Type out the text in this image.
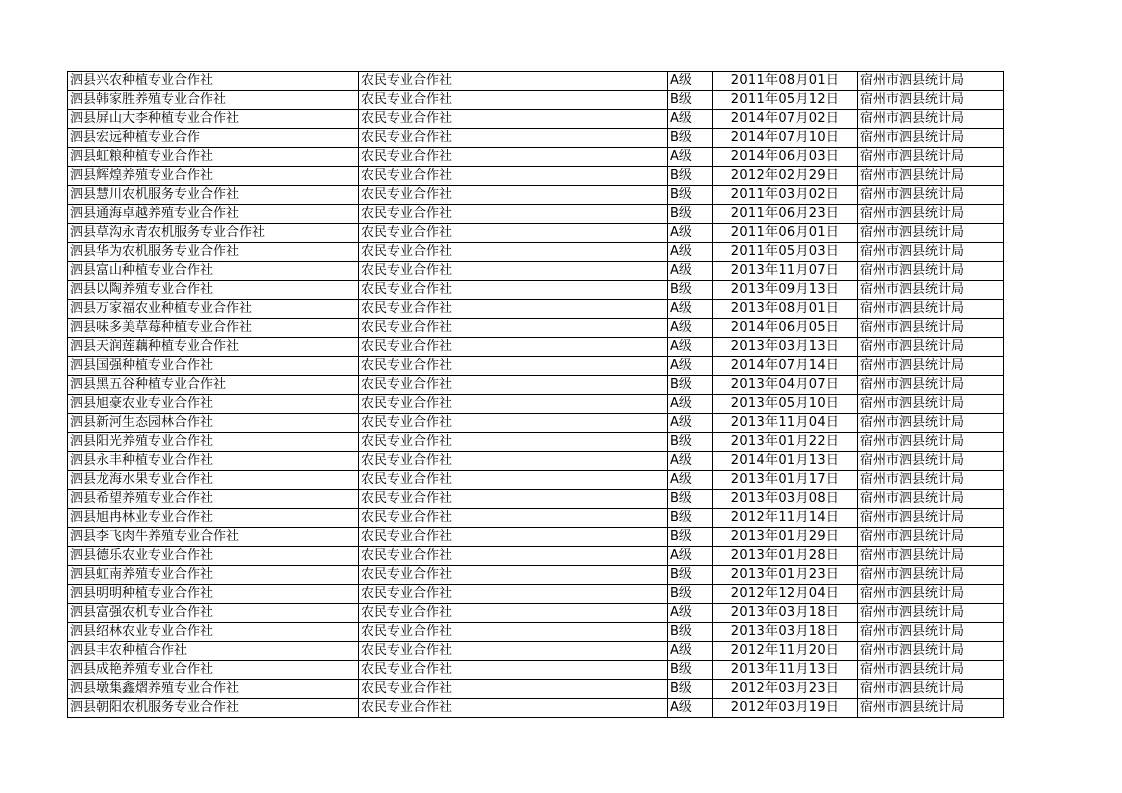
泗县兴农种植专业合作社	农民专业合作社	A级	2011年08月01日	宿州市泗县统计局
泗县韩家胜养殖专业合作社	农民专业合作社	B级	2011年05月12日	宿州市泗县统计局
泗县屏山大李种植专业合作社	农民专业合作社	A级	2014年07月02日	宿州市泗县统计局
泗县宏远种植专业合作	农民专业合作社	B级	2014年07月10日	宿州市泗县统计局
泗县虹粮种植专业合作社	农民专业合作社	A级	2014年06月03日	宿州市泗县统计局
泗县辉煌养殖专业合作社	农民专业合作社	B级	2012年02月29日	宿州市泗县统计局
泗县慧川农机服务专业合作社	农民专业合作社	B级	2011年03月02日	宿州市泗县统计局
泗县通海卓越养殖专业合作社	农民专业合作社	B级	2011年06月23日	宿州市泗县统计局
泗县草沟永青农机服务专业合作社	农民专业合作社	A级	2011年06月01日	宿州市泗县统计局
泗县华为农机服务专业合作社	农民专业合作社	A级	2011年05月03日	宿州市泗县统计局
泗县富山种植专业合作社	农民专业合作社	A级	2013年11月07日	宿州市泗县统计局
泗县以陶养殖专业合作社	农民专业合作社	B级	2013年09月13日	宿州市泗县统计局
泗县万家福农业种植专业合作社	农民专业合作社	A级	2013年08月01日	宿州市泗县统计局
泗县味多美草莓种植专业合作社	农民专业合作社	A级	2014年06月05日	宿州市泗县统计局
泗县天润莲藕种植专业合作社	农民专业合作社	A级	2013年03月13日	宿州市泗县统计局
泗县国强种植专业合作社	农民专业合作社	A级	2014年07月14日	宿州市泗县统计局
泗县黑五谷种植专业合作社	农民专业合作社	B级	2013年04月07日	宿州市泗县统计局
泗县旭豪农业专业合作社	农民专业合作社	A级	2013年05月10日	宿州市泗县统计局
泗县新河生态园林合作社	农民专业合作社	A级	2013年11月04日	宿州市泗县统计局
泗县阳光养殖专业合作社	农民专业合作社	B级	2013年01月22日	宿州市泗县统计局
泗县永丰种植专业合作社	农民专业合作社	A级	2014年01月13日	宿州市泗县统计局
泗县龙海水果专业合作社	农民专业合作社	A级	2013年01月17日	宿州市泗县统计局
泗县希望养殖专业合作社	农民专业合作社	B级	2013年03月08日	宿州市泗县统计局
泗县旭冉林业专业合作社	农民专业合作社	B级	2012年11月14日	宿州市泗县统计局
泗县李飞肉牛养殖专业合作社	农民专业合作社	B级	2013年01月29日	宿州市泗县统计局
泗县德乐农业专业合作社	农民专业合作社	A级	2013年01月28日	宿州市泗县统计局
泗县虹南养殖专业合作社	农民专业合作社	B级	2013年01月23日	宿州市泗县统计局
泗县明明种植专业合作社	农民专业合作社	B级	2012年12月04日	宿州市泗县统计局
泗县富强农机专业合作社	农民专业合作社	A级	2013年03月18日	宿州市泗县统计局
泗县绍林农业专业合作社	农民专业合作社	B级	2013年03月18日	宿州市泗县统计局
泗县丰农种植合作社	农民专业合作社	A级	2012年11月20日	宿州市泗县统计局
泗县成艳养殖专业合作社	农民专业合作社	B级	2013年11月13日	宿州市泗县统计局
泗县墩集鑫熠养殖专业合作社	农民专业合作社	B级	2012年03月23日	宿州市泗县统计局
泗县朝阳农机服务专业合作社	农民专业合作社	A级	2012年03月19日	宿州市泗县统计局
